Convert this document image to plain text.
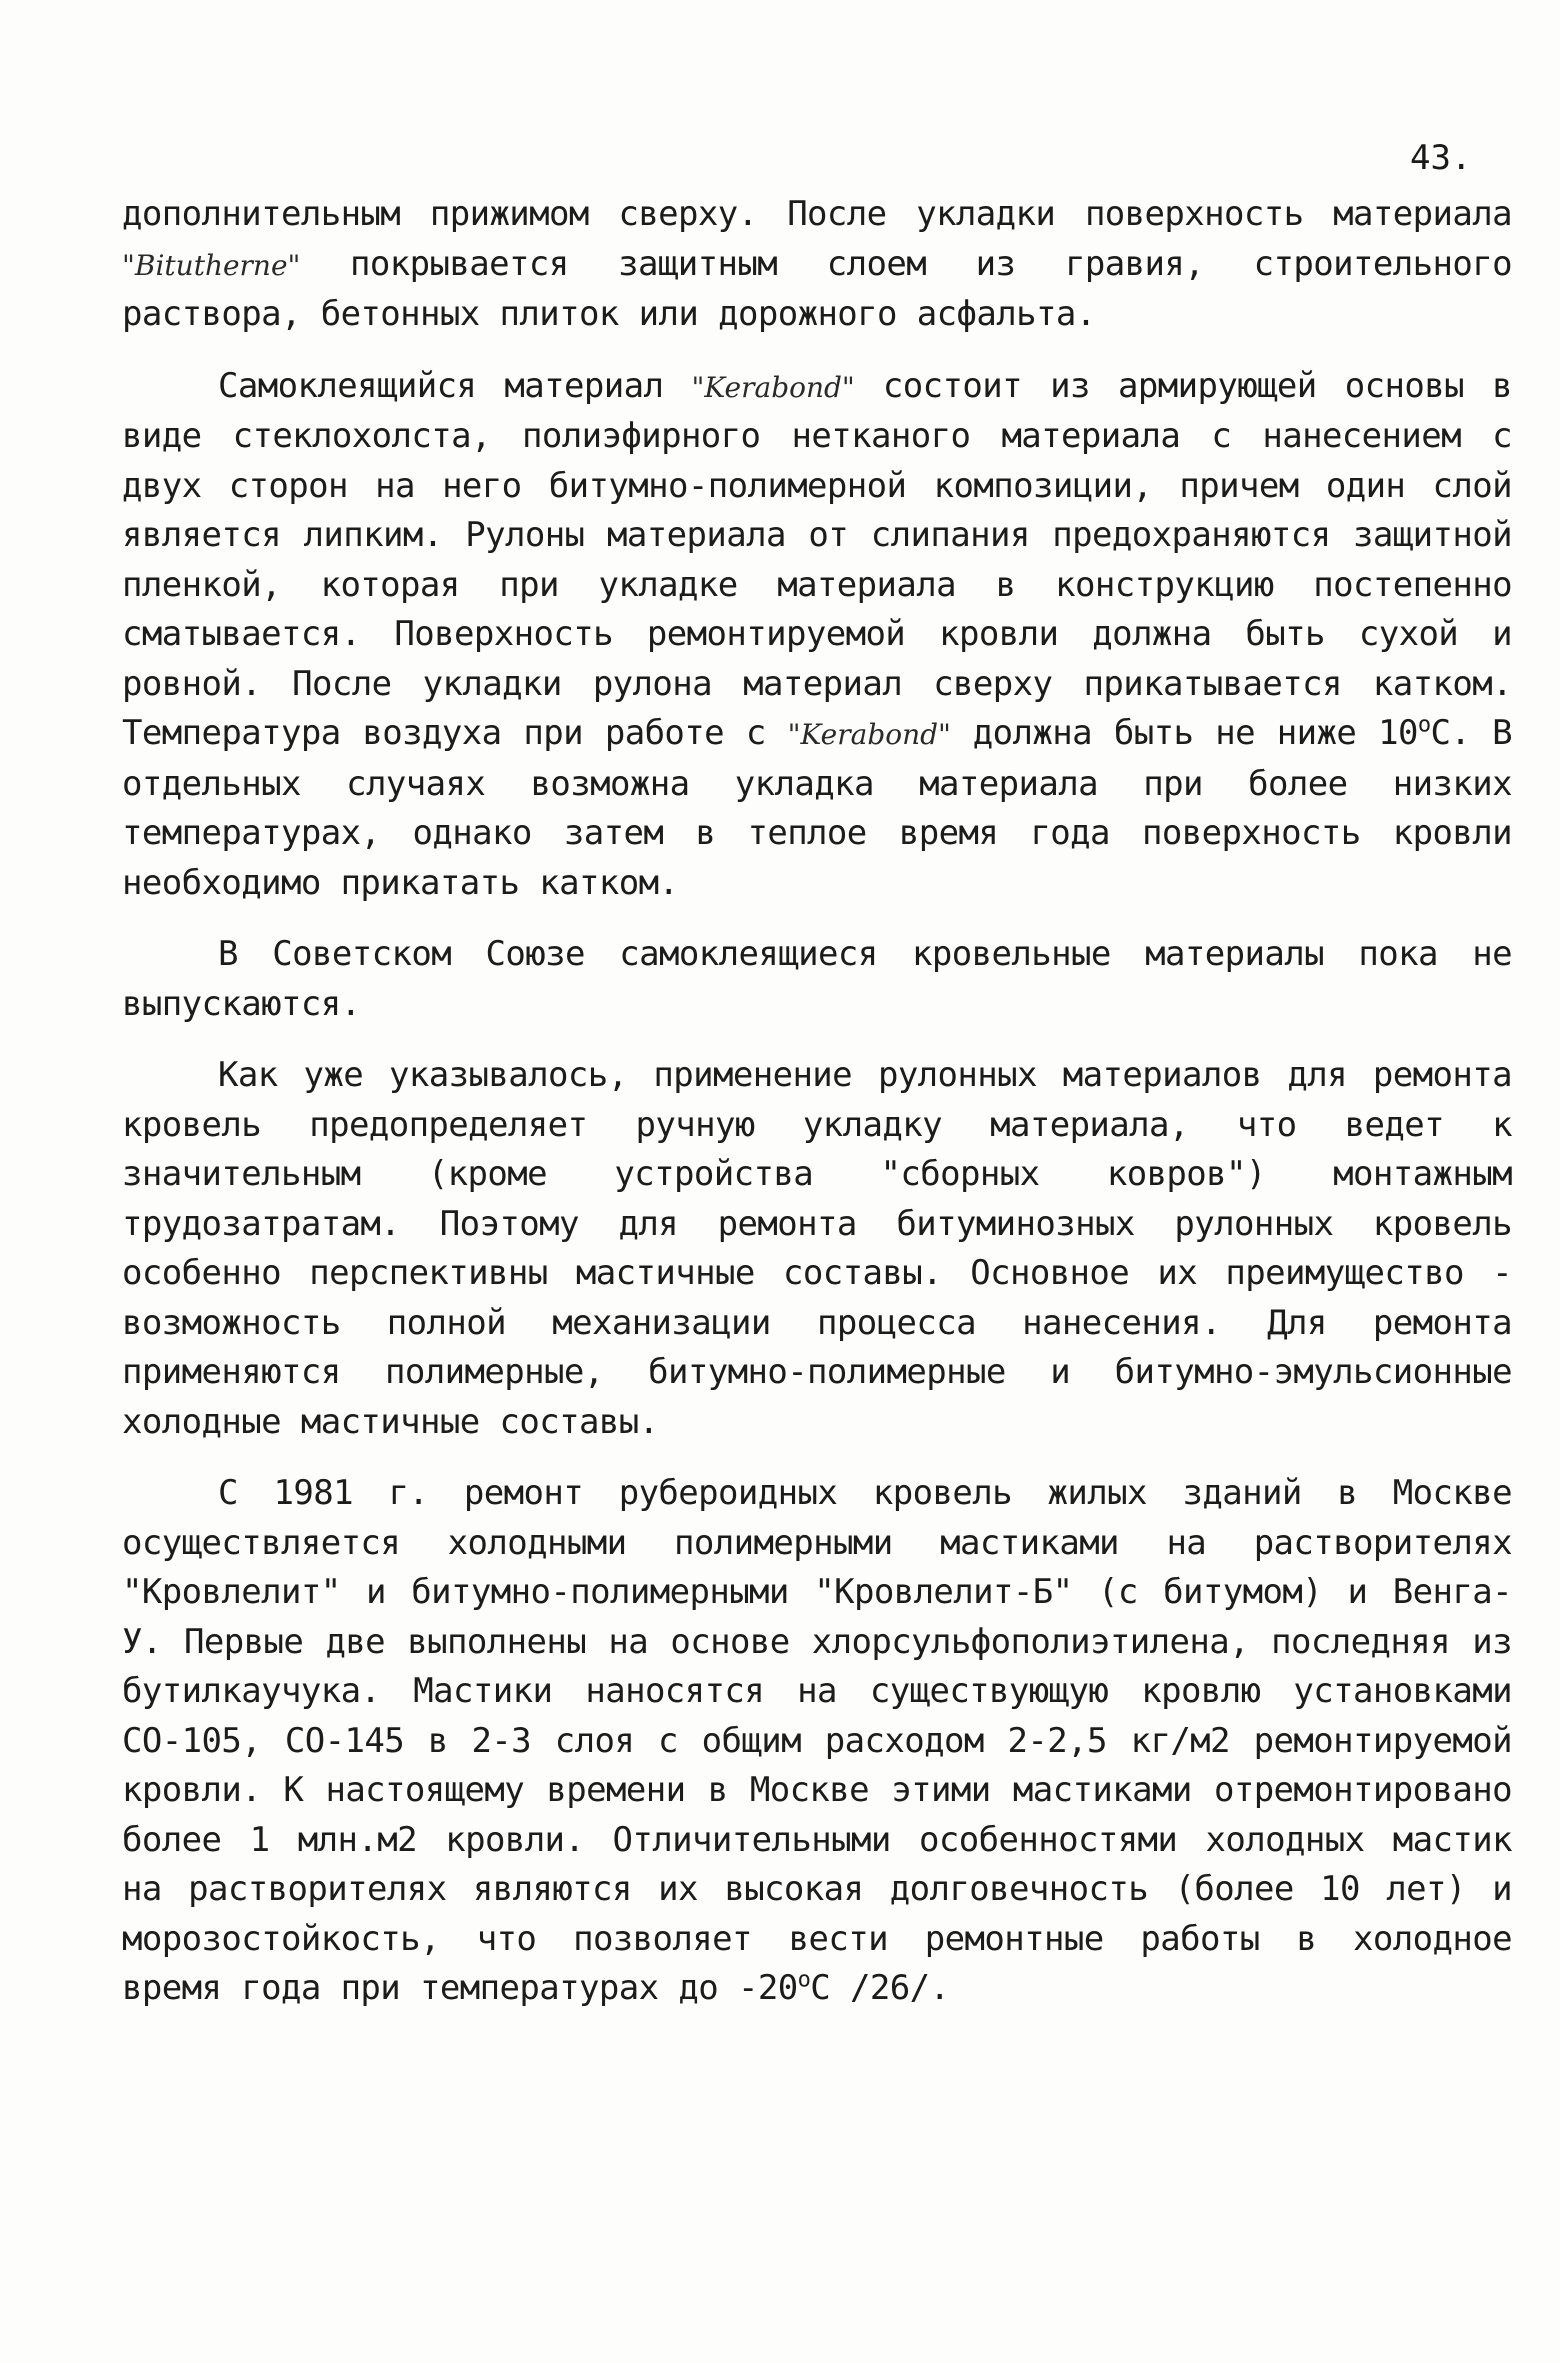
43.

дополнительным прижимом сверху. После укладки поверхность материала "Bitutherne" покрывается защитным слоем из гравия, строительного раствора, бетонных плиток или дорожного асфальта.

Самоклеящийся материал "Kerabond" состоит из армирующей основы в виде стеклохолста, полиэфирного нетканого материала с нанесением с двух сторон на него битумно-полимерной композиции, причем один слой является липким. Рулоны материала от слипания предохраняются защитной пленкой, которая при укладке материала в конструкцию постепенно сматывается. Поверхность ремонтируемой кровли должна быть сухой и ровной. После укладки рулона материал сверху прикатывается катком. Температура воздуха при работе с "Kerabond" должна быть не ниже $10^оС$. В отдельных случаях возможна укладка материала при более низких температурах, однако затем в теплое время года поверхность кровли необходимо прикатать катком.

В Советском Союзе самоклеящиеся кровельные материалы пока не выпускаются.

Как уже указывалось, применение рулонных материалов для ремонта кровель предопределяет ручную укладку материала, что ведет к значительным (кроме устройства "сборных ковров") монтажным трудозатратам. Поэтому для ремонта битуминозных рулонных кровель особенно перспективны мастичные составы. Основное их преимущество - возможность полной механизации процесса нанесения. Для ремонта применяются полимерные, битумно-полимерные и битумно-эмульсионные холодные мастичные составы.

С 1981 г. ремонт рубероидных кровель жилых зданий в Москве осуществляется холодными полимерными мастиками на растворителях "Кровлелит" и битумно-полимерными "Кровлелит-Б" (с битумом) и Венга-У. Первые две выполнены на основе хлорсульфополиэтилена, последняя из бутилкаучука. Мастики наносятся на существующую кровлю установками СО-105, СО-145 в 2-3 слоя с общим расходом 2-2,5 кг/м2 ремонтируемой кровли. К настоящему времени в Москве этими мастиками отремонтировано более 1 млн.м2 кровли. Отличительными особенностями холодных мастик на растворителях являются их высокая долговечность (более 10 лет) и морозостойкость, что позволяет вести ремонтные работы в холодное время года при температурах до $-20^оС$ /26/.
